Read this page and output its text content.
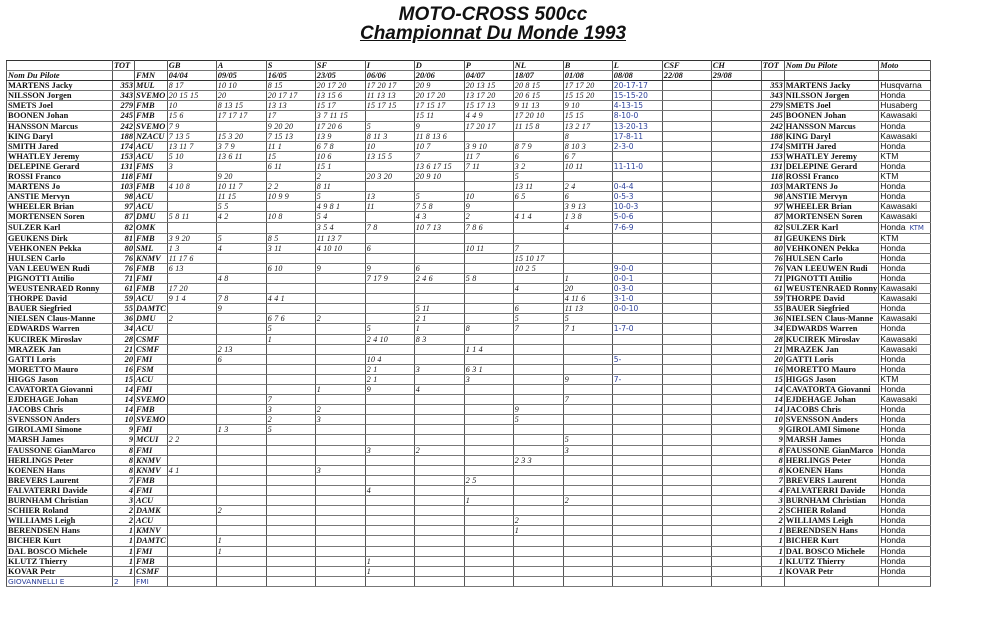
MOTO-CROSS 500cc
Championnat Du Monde 1993
	TOT		GB	A	S	SF	I	D	P	NL	B	L	CSF	CH	TOT	Nom Du Pilote	Moto
Nom Du Pilote		FMN	04/04	09/05	16/05	23/05	06/06	20/06	04/07	18/07	01/08	08/08	22/08	29/08			
MARTENS Jacky	353	MUL	8 17	10 10	8 15	20 17 20	17 20 17	20 9	20 13 15	20 8 15	17 17 20	20-17-17			353	MARTENS Jacky	Husqvarna
NILSSON Jorgen	343	SVEMO	20 15 15	20	20 17 17	13 15 6	11 13 13	20 17 20	13 17 20	20 6 15	15 15 20	15-15-20			343	NILSSON Jorgen	Honda
SMETS Joel	279	FMB	10	8 13 15	13 13	15 17	15 17 15	17 15 17	15 17 13	9 11 13	9 10	4-13-15			279	SMETS Joel	Husaberg
BOONEN Johan	245	FMB	15 6	17 17 17	17	3 7 11 15		15 11	4 4 9	17 20 10	15 15	8-10-0			245	BOONEN Johan	Kawasaki
HANSSON Marcus	242	SVEMO	7 9		9 20 20	17 20 6	5	9	17 20 17	11 15 8	13 2 17	13-20-13			242	HANSSON Marcus	Honda
KING Daryl	188	NZACU	7 13 5	15 3 20	7 15 13	13 9	8 11 3	11 8 13 6			8	17-8-11			188	KING Daryl	Kawasaki
SMITH Jared	174	ACU	13 11 7	3 7 9	11 1	6 7 8	10	10 7	3 9 10	8 7 9	8 10 3	2-3-0			174	SMITH Jared	Honda
WHATLEY Jeremy	153	ACU	5 10	13 6 11	15	10 6	13 15 5	7	11 7	6	6 7				153	WHATLEY Jeremy	KTM
DELEPINE Gerard	131	FMS	3		6 11	15 1		13 6 17 15	7 11	3 2	10 11	11-11-0			131	DELEPINE Gerard	Honda
ROSSI Franco	118	FMI		9 20		2	20 3 20	20 9 10		5					118	ROSSI Franco	KTM
MARTENS Jo	103	FMB	4 10 8	10 11 7	2 2	8 11				13 11	2 4	0-4-4			103	MARTENS Jo	Honda
ANSTIE Mervyn	98	ACU		11 15	10 9 9	5	13	5	10	6 5	6	0-5-3			98	ANSTIE Mervyn	Honda
WHEELER Brian	97	ACU		5 5		4 9 8 1	11	7 5 8	9		3 9 13	10-0-3			97	WHEELER Brian	Kawasaki
MORTENSEN Soren	87	DMU	5 8 11	4 2	10 8	5 4		4 3	2	4 1 4	1 3 8	5-0-6			87	MORTENSEN Soren	Kawasaki
SULZER Karl	82	OMK				3 5 4	7 8	10 7 13	7 8 6		4	7-6-9			82	SULZER Karl	Honda KTM
GEUKENS Dirk	81	FMB	3 9 20	5	8 5	11 13 7									81	GEUKENS Dirk	KTM
VEHKONEN Pekka	80	SML	1 3	4	3 11	4 10 10	6		10 11	7					80	VEHKONEN Pekka	Honda
HULSEN Carlo	76	KNMV	11 17 6							15 10 17					76	HULSEN Carlo	Honda
VAN LEEUWEN Rudi	76	FMB	6 13		6 10	9	9	6		10 2 5		9-0-0			76	VAN LEEUWEN Rudi	Honda
PIGNOTTI Attilio	71	FMI		4 8			7 17 9	2 4 6	5 8		1	0-0-1			71	PIGNOTTI Attilio	Honda
WEUSTENRAED Ronny	61	FMB	17 20							4	20	0-3-0			61	WEUSTENRAED Ronny	Kawasaki
THORPE David	59	ACU	9 1 4	7 8	4 4 1						4 11 6	3-1-0			59	THORPE David	Kawasaki
BAUER Siegfried	55	DAMTC		9				5 11		6	11 13	0-0-10			55	BAUER Siegfried	Honda
NIELSEN Claus-Manne	36	DMU	2		6 7 6	2		2 1		5	5				36	NIELSEN Claus-Manne	Kawasaki
EDWARDS Warren	34	ACU			5		5	1	8	7	7 1	1-7-0			34	EDWARDS Warren	Honda
KUCIREK Miroslav	28	CSMF			1		2 4 10	8 3							28	KUCIREK Miroslav	Kawasaki
MRAZEK Jan	21	CSMF		2 13					1 1 4						21	MRAZEK Jan	Kawasaki
GATTI Loris	20	FMI		6			10 4					5-			20	GATTI Loris	Honda
MORETTO Mauro	16	FSM					2 1	3	6 3 1						16	MORETTO Mauro	Honda
HIGGS Jason	15	ACU					2 1		3		9	7-			15	HIGGS Jason	KTM
CAVATORTA Giovanni	14	FMI				1	9	4							14	CAVATORTA Giovanni	Honda
EJDEHAGE Johan	14	SVEMO			7						7				14	EJDEHAGE Johan	Kawasaki
JACOBS Chris	14	FMB			3	2				9					14	JACOBS Chris	Honda
SVENSSON Anders	10	SVEMO			2	3				5					10	SVENSSON Anders	Honda
GIROLAMI Simone	9	FMI		1 3	5										9	GIROLAMI Simone	Honda
MARSH James	9	MCUI	2 2								5				9	MARSH James	Honda
FAUSSONE GianMarco	8	FMI					3	2			3				8	FAUSSONE GianMarco	Honda
HERLINGS Peter	8	KNMV								2 3 3					8	HERLINGS Peter	Honda
KOENEN Hans	8	KNMV	4 1			3									8	KOENEN Hans	Honda
BREVERS Laurent	7	FMB							2 5						7	BREVERS Laurent	Honda
FALVATERRI Davide	4	FMI					4								4	FALVATERRI Davide	Honda
BURNHAM Christian	3	ACU							1		2				3	BURNHAM Christian	Honda
SCHIER Roland	2	DAMK		2											2	SCHIER Roland	Honda
WILLIAMS Leigh	2	ACU								2					2	WILLIAMS Leigh	Honda
BERENDSEN Hans	1	KMNV								1					1	BERENDSEN Hans	Honda
BICHER Kurt	1	DAMTC		1											1	BICHER Kurt	Honda
DAL BOSCO Michele	1	FMI		1											1	DAL BOSCO Michele	Honda
KLUTZ Thierry	1	FMB					1								1	KLUTZ Thierry	Honda
KOVAR Petr	1	CSMF					1								1	KOVAR Petr	Honda
GIOVANNELLI E	2	FMI															
